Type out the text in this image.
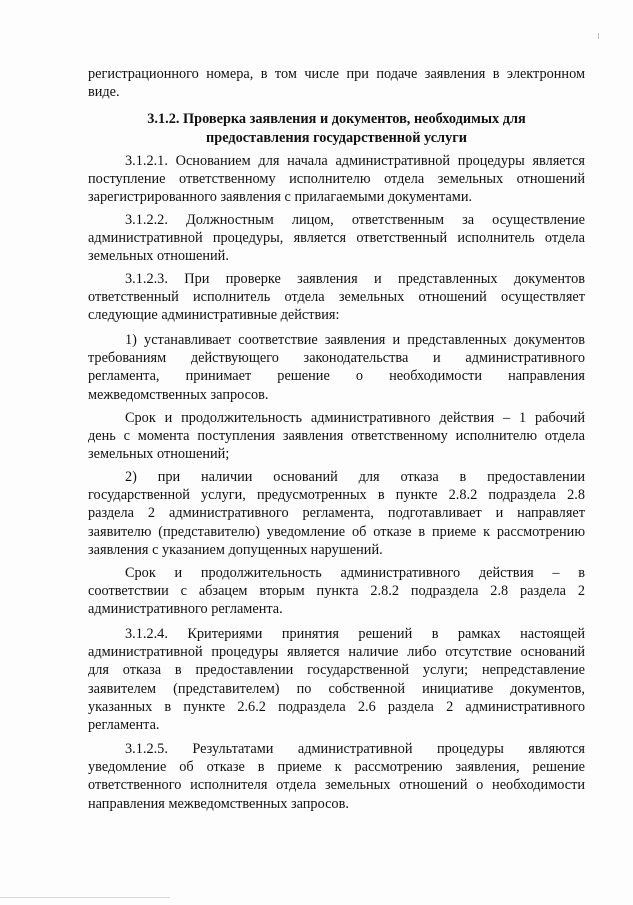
регистрационного номера, в том числе при подаче заявления в электронном
виде.
3.1.2. Проверка заявления и документов, необходимых для
предоставления государственной услуги
3.1.2.1. Основанием для начала административной процедуры является
поступление ответственному исполнителю отдела земельных отношений
зарегистрированного заявления с прилагаемыми документами.
3.1.2.2. Должностным лицом, ответственным за осуществление
административной процедуры, является ответственный исполнитель отдела
земельных отношений.
3.1.2.3. При проверке заявления и представленных документов
ответственный исполнитель отдела земельных отношений осуществляет
следующие административные действия:
1) устанавливает соответствие заявления и представленных документов
требованиям действующего законодательства и административного
регламента, принимает решение о необходимости направления
межведомственных запросов.
Срок и продолжительность административного действия – 1 рабочий
день с момента поступления заявления ответственному исполнителю отдела
земельных отношений;
2) при наличии оснований для отказа в предоставлении
государственной услуги, предусмотренных в пункте 2.8.2 подраздела 2.8
раздела 2 административного регламента, подготавливает и направляет
заявителю (представителю) уведомление об отказе в приеме к рассмотрению
заявления с указанием допущенных нарушений.
Срок и продолжительность административного действия – в
соответствии с абзацем вторым пункта 2.8.2 подраздела 2.8 раздела 2
административного регламента.
3.1.2.4. Критериями принятия решений в рамках настоящей
административной процедуры является наличие либо отсутствие оснований
для отказа в предоставлении государственной услуги; непредставление
заявителем (представителем) по собственной инициативе документов,
указанных в пункте 2.6.2 подраздела 2.6 раздела 2 административного
регламента.
3.1.2.5. Результатами административной процедуры являются
уведомление об отказе в приеме к рассмотрению заявления, решение
ответственного исполнителя отдела земельных отношений о необходимости
направления межведомственных запросов.
